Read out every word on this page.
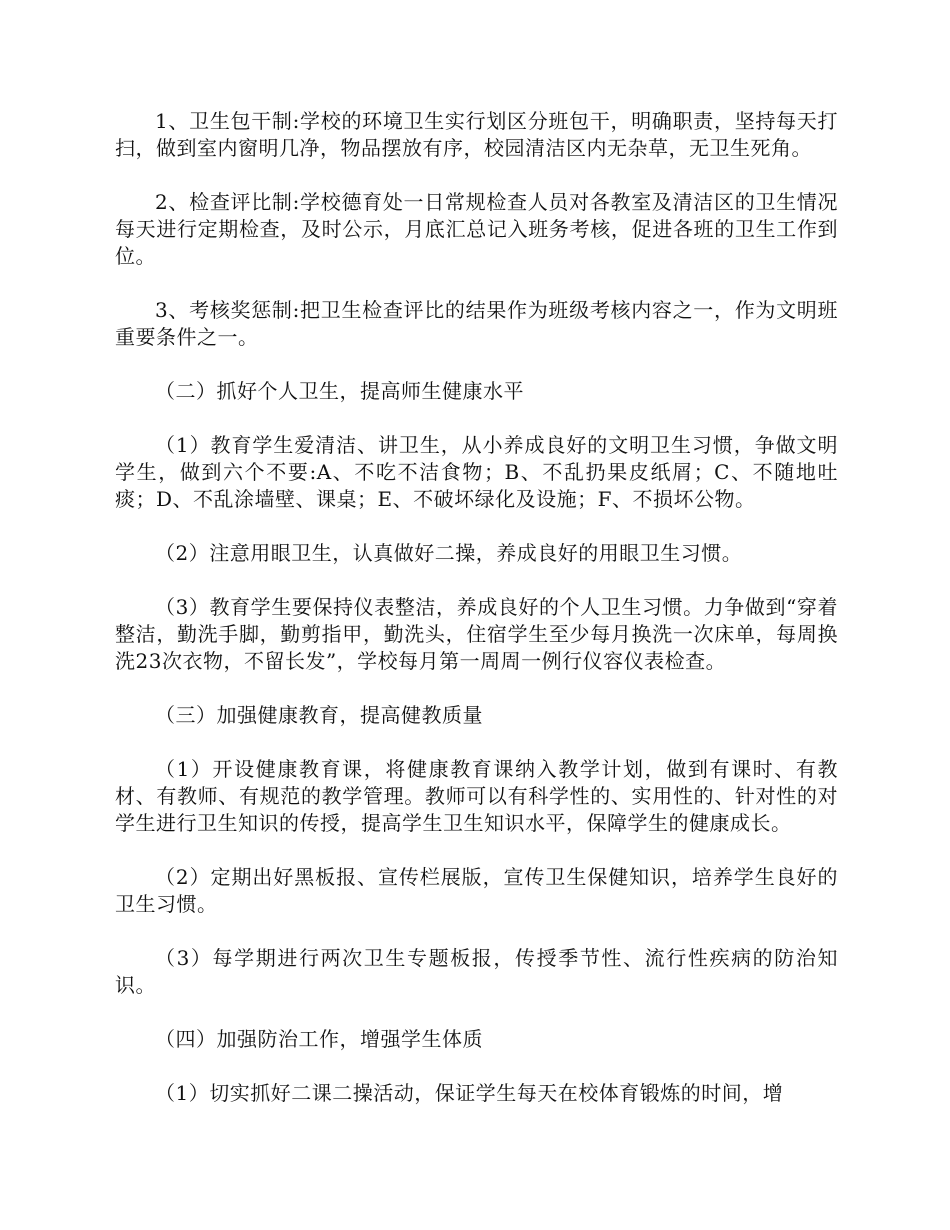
1、卫生包干制:学校的环境卫生实行划区分班包干，明确职责，坚持每天打扫，做到室内窗明几净，物品摆放有序，校园清洁区内无杂草，无卫生死角。

2、检查评比制:学校德育处一日常规检查人员对各教室及清洁区的卫生情况每天进行定期检查，及时公示，月底汇总记入班务考核，促进各班的卫生工作到位。

3、考核奖惩制:把卫生检查评比的结果作为班级考核内容之一，作为文明班重要条件之一。

（二）抓好个人卫生，提高师生健康水平

（1）教育学生爱清洁、讲卫生，从小养成良好的文明卫生习惯，争做文明学生，做到六个不要:A、不吃不洁食物；B、不乱扔果皮纸屑；C、不随地吐痰；D、不乱涂墙壁、课桌；E、不破坏绿化及设施；F、不损坏公物。

（2）注意用眼卫生，认真做好二操，养成良好的用眼卫生习惯。

（3）教育学生要保持仪表整洁，养成良好的个人卫生习惯。力争做到“穿着整洁，勤洗手脚，勤剪指甲，勤洗头，住宿学生至少每月换洗一次床单，每周换洗23次衣物，不留长发”，学校每月第一周周一例行仪容仪表检查。

（三）加强健康教育，提高健教质量

（1）开设健康教育课，将健康教育课纳入教学计划，做到有课时、有教材、有教师、有规范的教学管理。教师可以有科学性的、实用性的、针对性的对学生进行卫生知识的传授，提高学生卫生知识水平，保障学生的健康成长。

（2）定期出好黑板报、宣传栏展版，宣传卫生保健知识，培养学生良好的卫生习惯。

（3）每学期进行两次卫生专题板报，传授季节性、流行性疾病的防治知识。

（四）加强防治工作，增强学生体质

（1）切实抓好二课二操活动，保证学生每天在校体育锻炼的时间，增
